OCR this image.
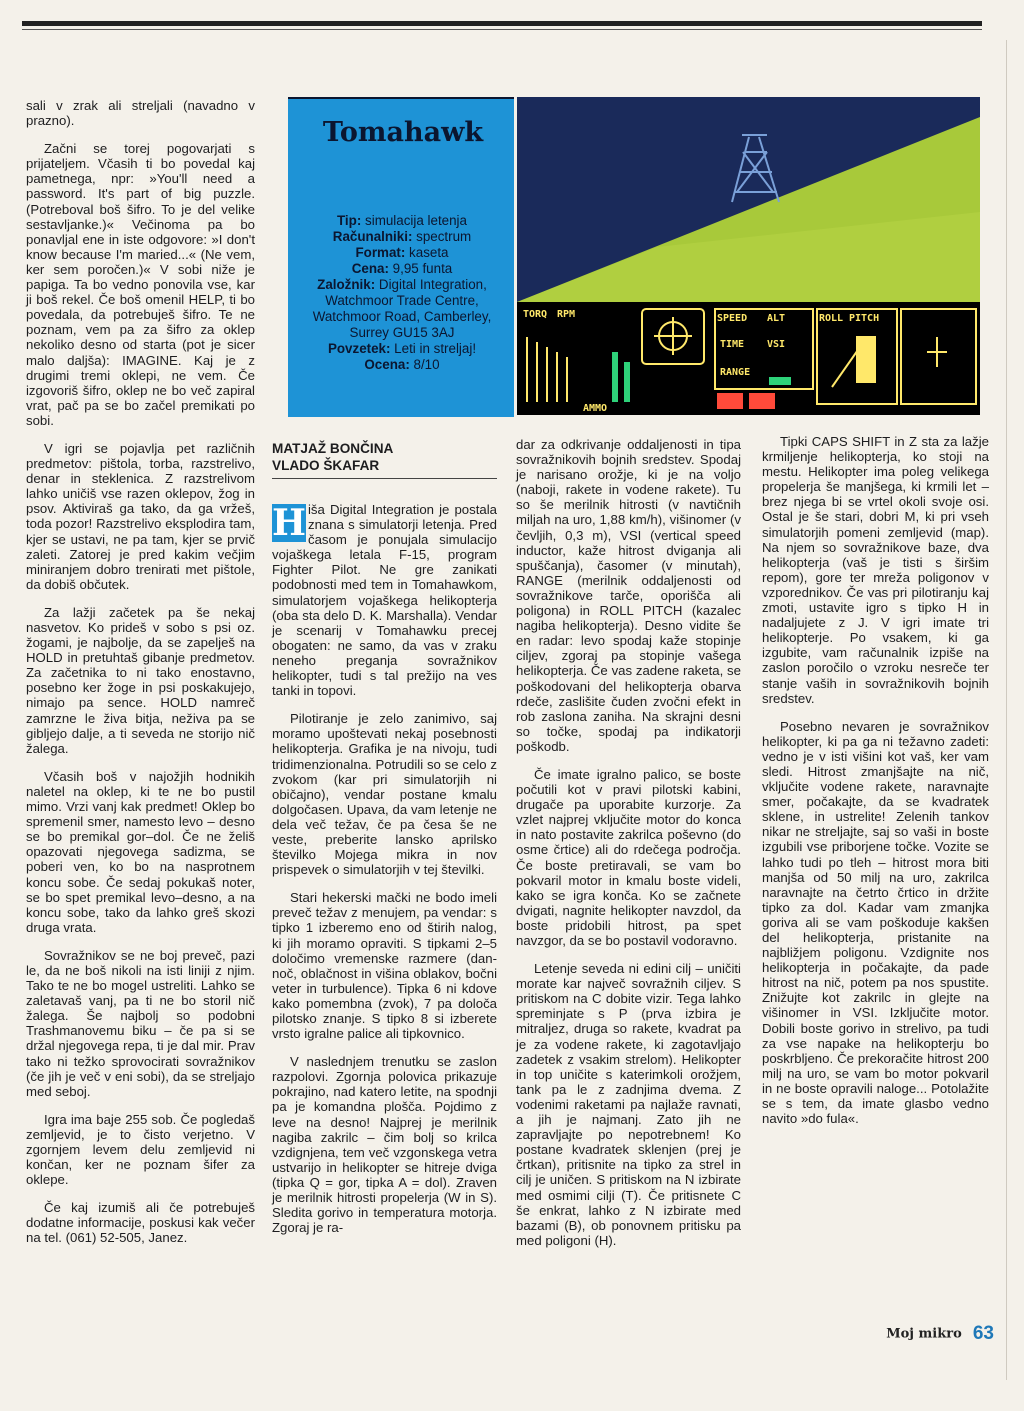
sali v zrak ali streljali (navadno v prazno).

Začni se torej pogovarjati s prijateljem. Včasih ti bo povedal kaj pametnega, npr: »You'll need a password. It's part of big puzzle. (Potreboval boš šifro. To je del velike sestavljanke.)« Večinoma pa bo ponavljal ene in iste odgovore: »I don't know because I'm maried...« (Ne vem, ker sem poročen.)« V sobi niže je papiga. Ta bo vedno ponovila vse, kar ji boš rekel. Če boš omenil HELP, ti bo povedala, da potrebuješ šifro. Te ne poznam, vem pa za šifro za oklep nekoliko desno od starta (pot je sicer malo daljša): IMAGINE. Kaj je z drugimi tremi oklepi, ne vem. Če izgovoriš šifro, oklep ne bo več zapiral vrat, pač pa se bo začel premikati po sobi.

V igri se pojavlja pet različnih predmetov: pištola, torba, razstrelivo, denar in steklenica. Z razstrelivom lahko uničiš vse razen oklepov, žog in psov. Aktiviraš ga tako, da ga vržeš, toda pozor! Razstrelivo eksplodira tam, kjer se ustavi, ne pa tam, kjer se prvič zaleti. Zatorej je pred kakim večjim miniranjem dobro trenirati met pištole, da dobiš občutek.

Za lažji začetek pa še nekaj nasvetov. Ko prideš v sobo s psi oz. žogami, je najbolje, da se zapelješ na HOLD in pretuhtaš gibanje predmetov. Za začetnika to ni tako enostavno, posebno ker žoge in psi poskakujejo, nimajo pa sence. HOLD namreč zamrzne le živa bitja, neživa pa se gibljejo dalje, a ti seveda ne storijo nič žalega.

Včasih boš v najožjih hodnikih naletel na oklep, ki te ne bo pustil mimo. Vrzi vanj kak predmet! Oklep bo spremenil smer, namesto levo – desno se bo premikal gor–dol. Če ne želiš opazovati njegovega sadizma, se poberi ven, ko bo na nasprotnem koncu sobe. Če sedaj pokukaš noter, se bo spet premikal levo–desno, a na koncu sobe, tako da lahko greš skozi druga vrata.

Sovražnikov se ne boj preveč, pazi le, da ne boš nikoli na isti liniji z njim. Tako te ne bo mogel ustreliti. Lahko se zaletavaš vanj, pa ti ne bo storil nič žalega. Še najbolj so podobni Trashmanovemu biku – če pa si se držal njegovega repa, ti je dal mir. Prav tako ni težko sprovocirati sovražnikov (če jih je več v eni sobi), da se streljajo med seboj.

Igra ima baje 255 sob. Če pogledaš zemljevid, je to čisto verjetno. V zgornjem levem delu zemljevid ni končan, ker ne poznam šifer za oklepe.

Če kaj izumiš ali če potrebuješ dodatne informacije, poskusi kak večer na tel. (061) 52-505, Janez.

Tomahawk
Tip: simulacija letenja
Računalniki: spectrum
Format: kaseta
Cena: 9,95 funta
Založnik: Digital Integration, Watchmoor Trade Centre, Watchmoor Road, Camberley, Surrey GU15 3AJ
Povzetek: Leti in streljaj!
Ocena: 8/10
TORQ RPM	SPEED ALT	ROLL PITCH
TIME VSI
RANGE
AMMO
MATJAŽ BONČINA
VLADO ŠKAFAR
H iša Digital Integration je postala znana s simulatorji letenja. Pred časom je ponujala simulacijo vojaškega letala F-15, program Fighter Pilot. Ne gre zanikati podobnosti med tem in Tomahawkom, simulatorjem vojaškega helikopterja (oba sta delo D. K. Marshalla). Vendar je scenarij v Tomahawku precej obogaten: ne samo, da vas v zraku neneho preganja sovražnikov helikopter, tudi s tal prežijo na ves tanki in topovi.

Pilotiranje je zelo zanimivo, saj moramo upoštevati nekaj posebnosti helikopterja. Grafika je na nivoju, tudi tridimenzionalna. Potrudili so se celo z zvokom (kar pri simulatorjih ni običajno), vendar postane kmalu dolgočasen. Upava, da vam letenje ne dela več težav, če pa česa še ne veste, preberite lansko aprilsko številko Mojega mikra in nov prispevek o simulatorjih v tej številki.

Stari hekerski mački ne bodo imeli prevеč težav z menujem, pa vendar: s tipko 1 izberemo eno od štirih nalog, ki jih moramo opraviti. S tipkami 2–5 določimo vremenske razmere (dan-noč, oblačnost in višina oblakov, bočni veter in turbulence). Tipka 6 ni kdove kako pomembna (zvok), 7 pa določa pilotsko znanje. S tipko 8 si izberete vrsto igralne palice ali tipkovnico.

V naslednjem trenutku se zaslon razpolovi. Zgornja polovica prikazuje pokrajino, nad katero letite, na spodnji pa je komandna plošča. Pojdimo z leve na desno! Najprej je merilnik nagiba zakrilc – čim bolj so krilca vzdignjena, tem več vzgonskega vetra ustvarijo in helikopter se hitreje dviga (tipka Q = gor, tipka A = dol). Zraven je merilnik hitrosti propelerja (W in S). Sledita gorivo in temperatura motorja. Zgoraj je ra-

dar za odkrivanje oddaljenosti in tipa sovražnikovih bojnih sredstev. Spodaj je narisano orožje, ki je na voljo (naboji, rakete in vodene rakete). Tu so še merilnik hitrosti (v navtičnih miljah na uro, 1,88 km/h), višinomer (v čevljih, 0,3 m), VSI (vertical speed inductor, kaže hitrost dviganja ali spuščanja), časomer (v minutah), RANGE (merilnik oddaljenosti od sovražnikove tarče, oporišča ali poligona) in ROLL PITCH (kazalec nagiba helikopterja). Desno vidite še en radar: levo spodaj kaže stopinje ciljev, zgoraj pa stopinje vašega helikopterja. Če vas zadene raketa, se poškodovani del helikopterja obarva rdeče, zaslišite čuden zvočni efekt in rob zaslona zaniha. Na skrajni desni so točke, spodaj pa indikatorji poškodb.

Če imate igralno palico, se boste počutili kot v pravi pilotski kabini, drugače pa uporabite kurzorje. Za vzlet najprej vključite motor do konca in nato postavite zakrilca poševno (do osme črtice) ali do rdečega področja. Če boste pretiravali, se vam bo pokvaril motor in kmalu boste videli, kako se igra konča. Ko se začnete dvigati, nagnite helikopter navzdol, da boste pridobili hitrost, pa spet navzgor, da se bo postavil vodoravno.

Letenje seveda ni edini cilj – uničiti morate kar največ sovražnih ciljev. S pritiskom na C dobite vizir. Tega lahko spreminjate s P (prva izbira je mitraljez, druga so rakete, kvadrat pa je za vodene rakete, ki zagotavljajo zadetek z vsakim strelom). Helikopter in top uničite s katerimkoli orožjem, tank pa le z zadnjima dvema. Z vodenimi raketami pa najlaže ravnati, a jih je najmanj. Zato jih ne zapravljajte po nepotrebnem! Ko postane kvadratek sklenjen (prej je črtkan), pritisnite na tipko za strel in cilj je uničen. S pritiskom na N izbirate med osmimi cilji (T). Če pritisnete C še enkrat, lahko z N izbirate med bazami (B), ob ponovnem pritisku pa med poligoni (H).

Tipki CAPS SHIFT in Z sta za lažje krmiljenje helikopterja, ko stoji na mestu. Helikopter ima poleg velikega propelerja še manjšega, ki krmili let – brez njega bi se vrtel okoli svoje osi. Ostal je še stari, dobri M, ki pri vseh simulatorjih pomeni zemljevid (map). Na njem so sovražnikove baze, dva helikopterja (vaš je tisti s širšim repom), gore ter mreža poligonov v vzporednikov. Če vas pri pilotiranju kaj zmoti, ustavite igro s tipko H in nadaljujete z J. V igri imate tri helikopterje. Po vsakem, ki ga izgubite, vam računalnik izpiše na zaslon poročilo o vzroku nesreče ter stanje vaših in sovražnikovih bojnih sredstev.

Posebno nevaren je sovražnikov helikopter, ki pa ga ni težavno zadeti: vedno je v isti višini kot vaš, ker vam sledi. Hitrost zmanjšajte na nič, vključite vodene rakete, naravnajte smer, počakajte, da se kvadratek sklene, in ustrelite! Zelenih tankov nikar ne streljajte, saj so vaši in boste izgubili vse priborjene točke. Vozite se lahko tudi po tleh – hitrost mora biti manjša od 50 milj na uro, zakrilca naravnajte na četrto črtico in držite tipko za dol. Kadar vam zmanjka goriva ali se vam poškoduje kakšen del helikopterja, pristanite na najbližjem poligonu. Vzdignite nos helikopterja in počakajte, da pade hitrost na nič, potem pa nos spustite. Znižujte kot zakrilc in glejte na višinomer in VSI. Izključite motor. Dobili boste gorivo in strelivo, pa tudi za vse napake na helikopterju bo poskrbljeno. Če prekoračite hitrost 200 milj na uro, se vam bo motor pokvaril in ne boste opravili naloge... Potolažite se s tem, da imate glasbo vedno navito »do fula«.

Moj mikro 63
